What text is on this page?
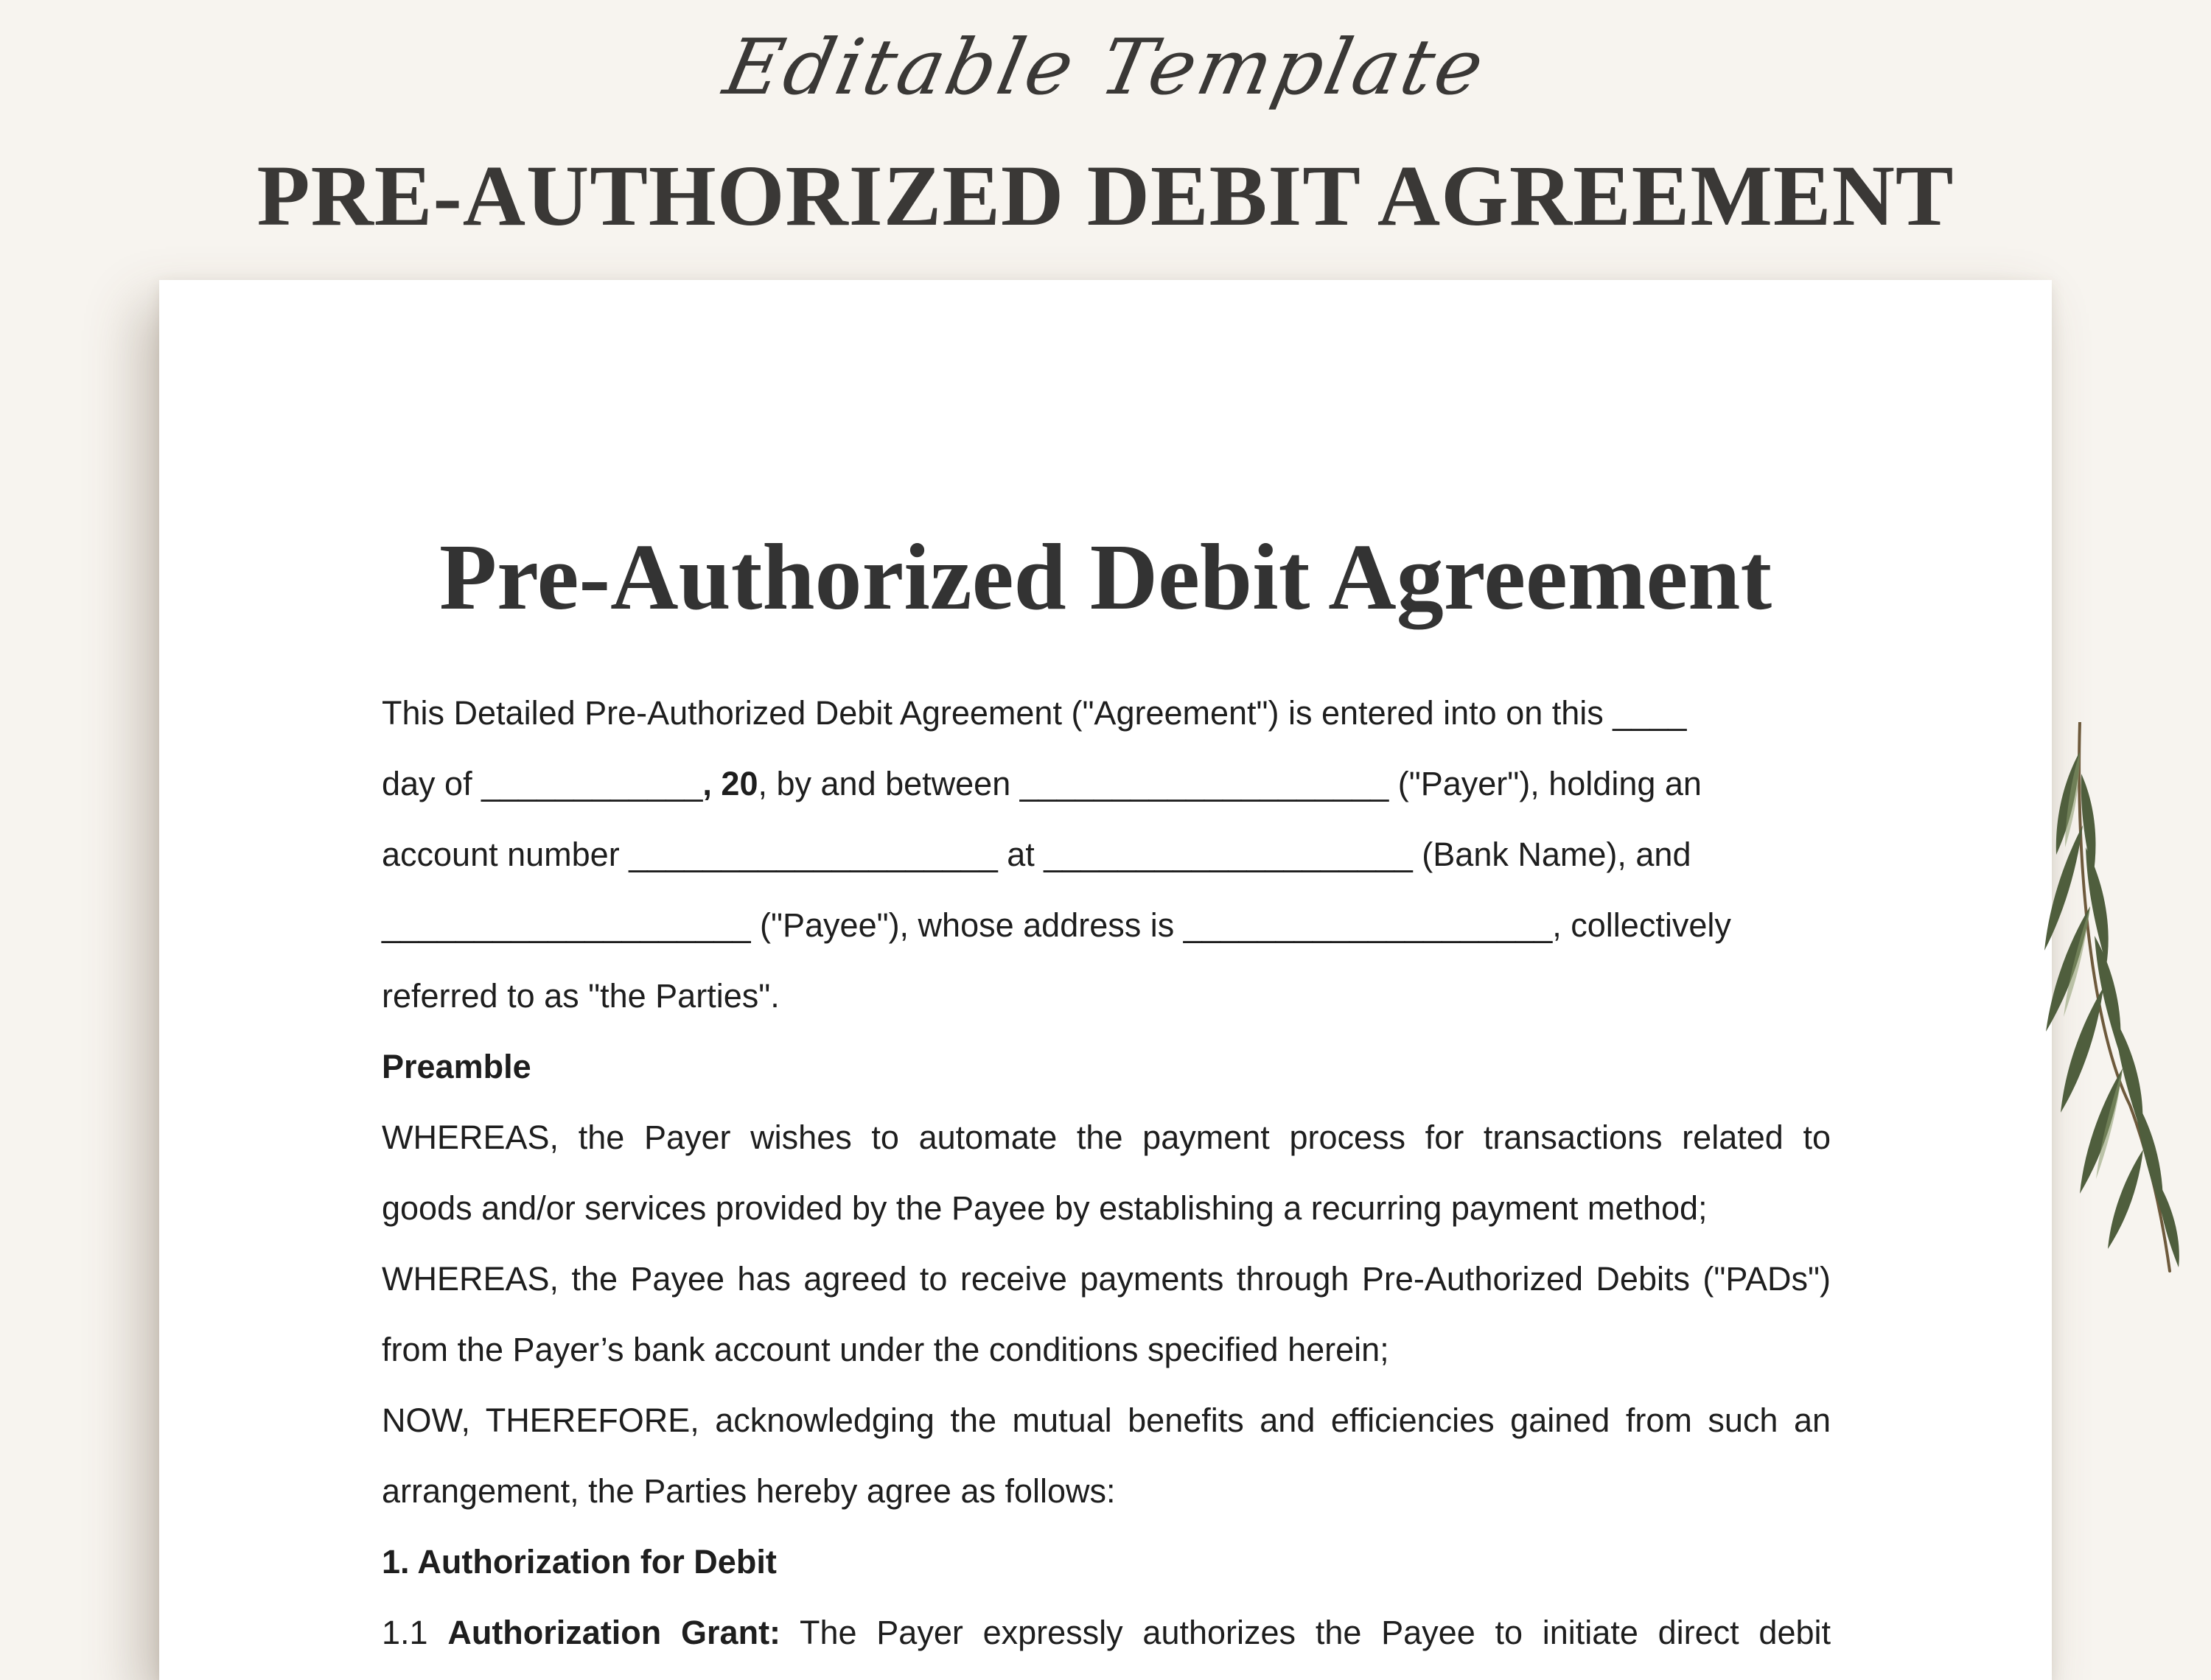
Editable Template
PRE-AUTHORIZED DEBIT AGREEMENT
Pre-Authorized Debit Agreement

This Detailed Pre-Authorized Debit Agreement ("Agreement") is entered into on this ____

day of ____________, 20, by and between ____________________ ("Payer"), holding an

account number ____________________ at ____________________ (Bank Name), and

____________________ ("Payee"), whose address is ____________________, collectively

referred to as "the Parties".

Preamble

WHEREAS, the Payer wishes to automate the payment process for transactions related to

goods and/or services provided by the Payee by establishing a recurring payment method;

WHEREAS, the Payee has agreed to receive payments through Pre-Authorized Debits ("PADs")

from the Payer’s bank account under the conditions specified herein;

NOW, THEREFORE, acknowledging the mutual benefits and efficiencies gained from such an

arrangement, the Parties hereby agree as follows:

1. Authorization for Debit

1.1 Authorization Grant: The Payer expressly authorizes the Payee to initiate direct debit
